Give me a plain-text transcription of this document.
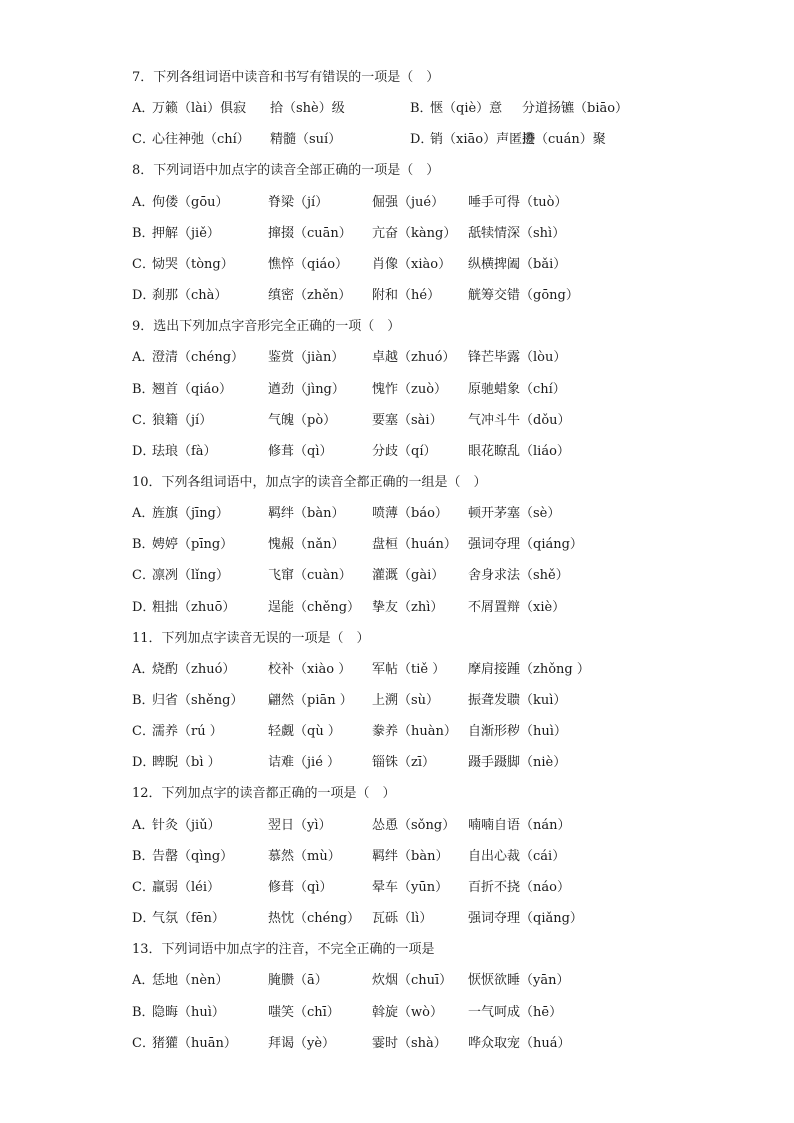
7．下列各组词语中读音和书写有错误的一项是（　）
A．
万籁（lài）俱寂 拾（shè）级	B．
惬（qiè）意 分道扬镳（biāo）
C．
心往神弛（chí） 精髓（suí）	D．
销（xiāo）声匿迹
攒（cuán）聚
8．下列词语中加点字的读音全部正确的一项是（　）
A．
佝偻（gōu）	脊梁（jí）	倔强（jué） 唾手可得（tuò）
B．
押解（jiě）	撺掇（cuān） 亢奋（kàng） 舐犊情深（shì）
C．
恸哭（tòng）	憔悴（qiáo） 肖像（xiào） 纵横捭阖（bǎi）
D．
刹那（chà）	缜密（zhěn） 附和（hé） 觥筹交错（gōng）
9．选出下列加点字音形完全正确的一项（　）
A．
澄清（chéng） 鉴赏（jiàn） 卓越（zhuó） 锋芒毕露（lòu）
B．
翘首（qiáo）	遒劲（jìng） 愧怍（zuò） 原驰蜡象（chí）
C．
狼籍（jí）	气魄（pò）	要塞（sài） 气冲斗牛（dǒu）
D．
珐琅（fà）	修葺（qì）	分歧（qí） 眼花瞭乱（liáo）
10．下列各组词语中，加点字的读音全都正确的一组是（　）
A．
旌旗（jīng）	羁绊（bàn） 喷薄（báo） 顿开茅塞（sè）
B．
娉婷（pīng）	愧赧（nǎn） 盘桓（huán） 强词夺理（qiáng）
C．
凛冽（lǐng）	飞窜（cuàn） 灌溉（gài） 舍身求法（shě）
D．
粗拙（zhuō）	逞能（chěng） 挚友（zhì） 不屑置辩（xiè）
11．下列加点字读音无误的一项是（　）
A．
烧酌（zhuó）	校补（xiào ） 军帖（tiě ） 摩肩接踵（zhǒng ）
B．
归省（shěng） 翩然（piān ） 上溯（sù） 振聋发聩（kuì）
C．
濡养（rú ）	轻觑（qù ） 豢养（huàn） 自渐形秽（huì）
D．
睥睨（bì ）	诘难（jié ） 锱铢（zī）	蹑手蹑脚（niè）
12．下列加点字的读音都正确的一项是（　）
A．
针灸（jiǔ）	翌日（yì）	怂恿（sǒng） 喃喃自语（nán）
B．
告罄（qìng）	慕然（mù） 羁绊（bàn） 自出心裁（cái）
C．
羸弱（léi）	修葺（qì）	晕车（yūn） 百折不挠（náo）
D．
气氛（fēn）	热忱（chéng） 瓦砾（lì）	强词夺理（qiǎng）
13．下列词语中加点字的注音，不完全正确的一项是
A．
恁地（nèn）	腌臜（ā）	炊烟（chuī） 恹恹欲睡（yān）
B．
隐晦（huì）	嗤笑（chī） 斡旋（wò） 一气呵成（hē）
C．
猪獾（huān） 拜谒（yè）	霎时（shà） 哗众取宠（huá）
